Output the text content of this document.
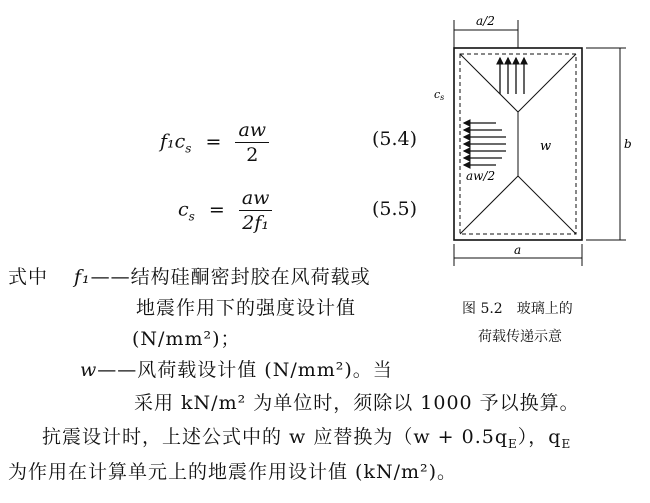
$f_1c_s = \frac{aw}{2}$	(5.4)
$c_s = \frac{aw}{\text{2f₁}}$	(5.5)
a/2
cs
w
aw/2
b
a
图 5.2　玻璃上的
荷载传递示意
式中 f₁——结构硅酮密封胶在风荷载或
地震作用下的强度设计值
(N/mm²)；
w——风荷载设计值 (N/mm²)。当
采用 kN/m² 为单位时，须除以 1000 予以换算。
抗震设计时，上述公式中的 w 应替换为$(w + 0.5q_E)$，$q_E$
为作用在计算单元上的地震作用设计值 (kN/m²)。
